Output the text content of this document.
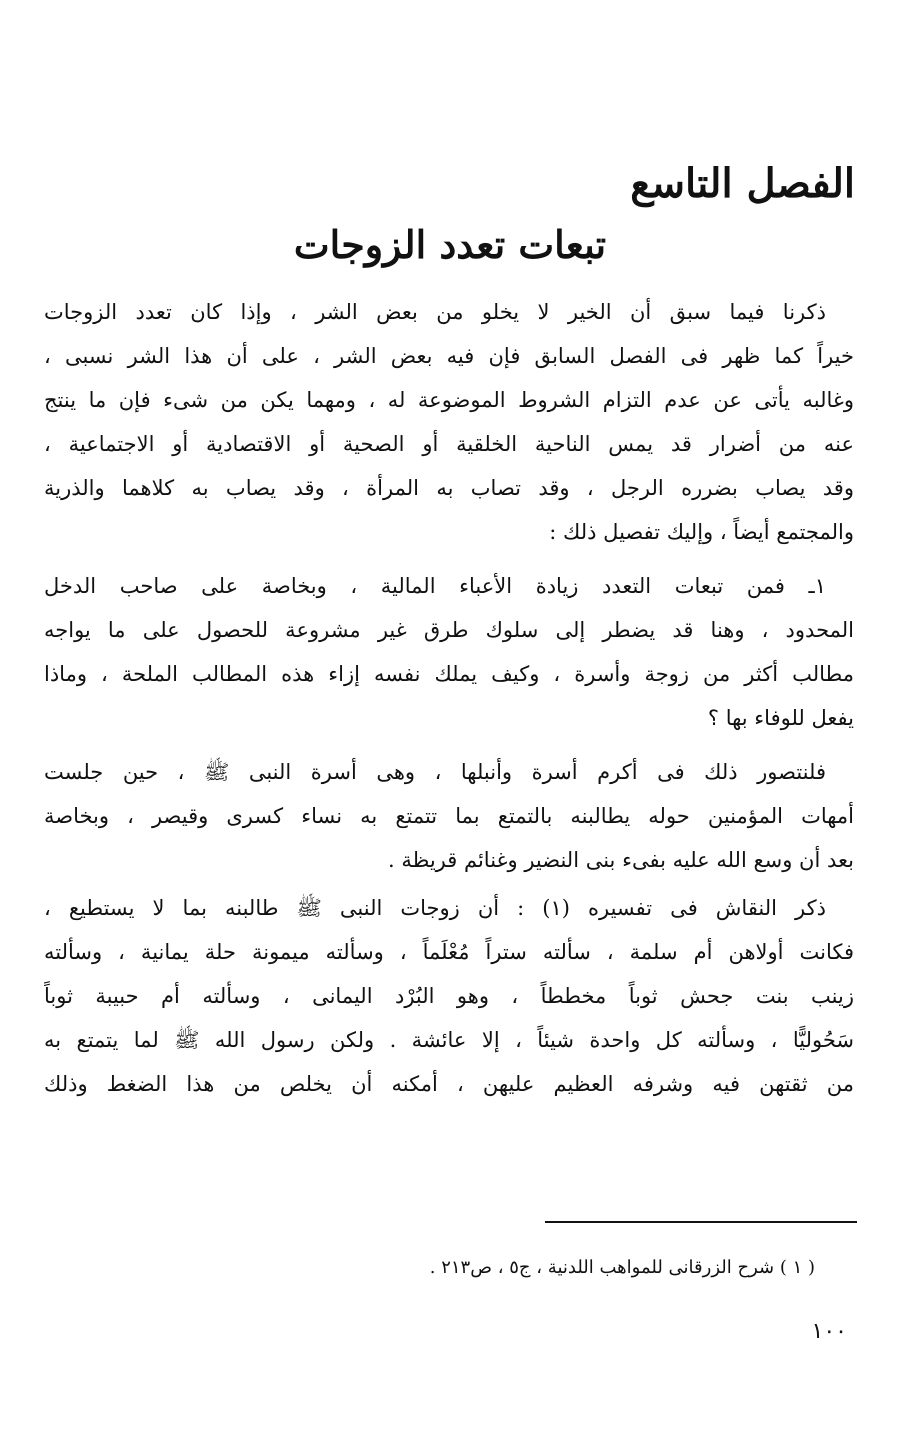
الفصل التاسع
تبعات تعدد الزوجات
ذكرنا فيما سبق أن الخير لا يخلو من بعض الشر ، وإذا كان تعدد الزوجات
خيراً كما ظهر فى الفصل السابق فإن فيه بعض الشر ، على أن هذا الشر نسبى ،
وغالبه يأتى عن عدم التزام الشروط الموضوعة له ، ومهما يكن من شىء فإن ما ينتج
عنه من أضرار قد يمس الناحية الخلقية أو الصحية أو الاقتصادية أو الاجتماعية ،
وقد يصاب بضرره الرجل ، وقد تصاب به المرأة ، وقد يصاب به كلاهما والذرية
والمجتمع أيضاً ، وإليك تفصيل ذلك :
١ـ فمن تبعات التعدد زيادة الأعباء المالية ، وبخاصة على صاحب الدخل
المحدود ، وهنا قد يضطر إلى سلوك طرق غير مشروعة للحصول على ما يواجه
مطالب أكثر من زوجة وأسرة ، وكيف يملك نفسه إزاء هذه المطالب الملحة ، وماذا
يفعل للوفاء بها ؟
فلنتصور ذلك فى أكرم أسرة وأنبلها ، وهى أسرة النبى ﷺ ، حين جلست
أمهات المؤمنين حوله يطالبنه بالتمتع بما تتمتع به نساء كسرى وقيصر ، وبخاصة
بعد أن وسع الله عليه بفىء بنى النضير وغنائم قريظة .
ذكر النقاش فى تفسيره (١) : أن زوجات النبى ﷺ طالبنه بما لا يستطيع ،
فكانت أولاهن أم سلمة ، سألته ستراً مُعْلَماً ، وسألته ميمونة حلة يمانية ، وسألته
زينب بنت جحش ثوباً مخططاً ، وهو البُرْد اليمانى ، وسألته أم حبيبة ثوباً
سَحُوليًّا ، وسألته كل واحدة شيئاً ، إلا عائشة . ولكن رسول الله ﷺ لما يتمتع به
من ثقتهن فيه وشرفه العظيم عليهن ، أمكنه أن يخلص من هذا الضغط وذلك

( ١ ) شرح الزرقانى للمواهب اللدنية ، ج٥ ، ص٢١٣ .

١٠٠
